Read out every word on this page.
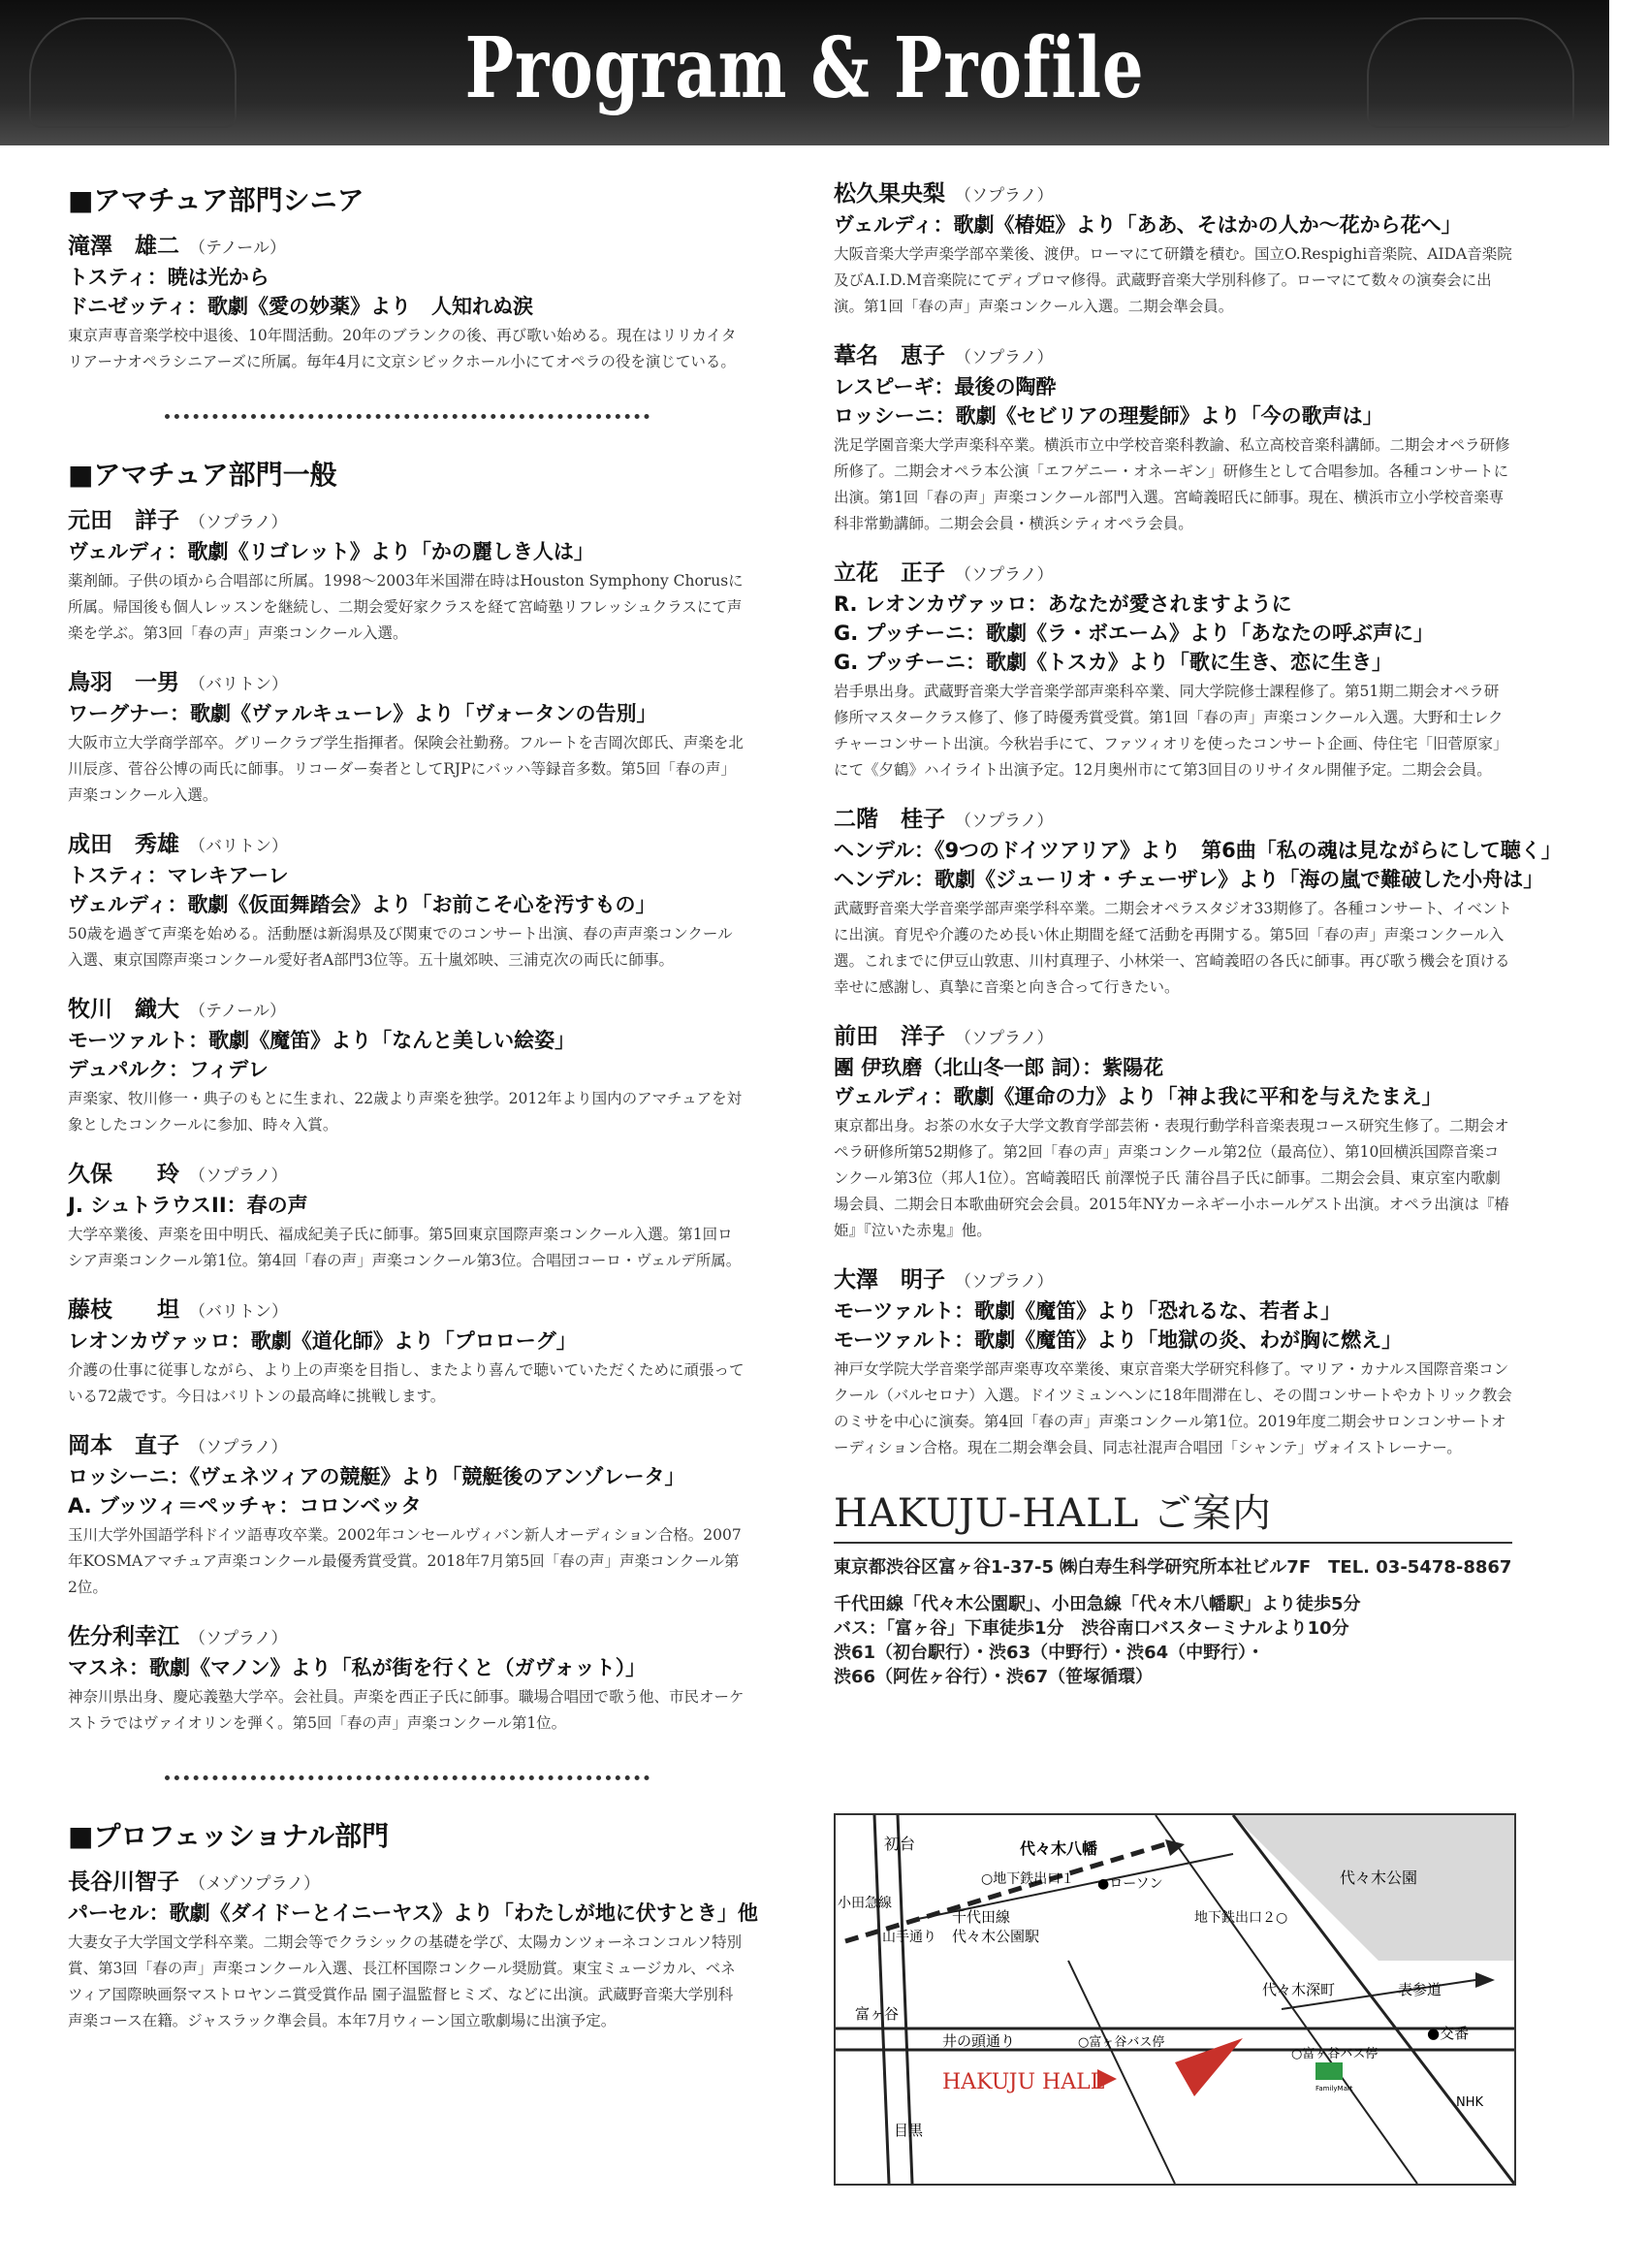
Program & Profile
■アマチュア部門シニア
滝澤　雄二 （テノール）
トスティ：暁は光から
ドニゼッティ：歌劇《愛の妙薬》より　人知れぬ涙
東京声専音楽学校中退後、10年間活動。20年のブランクの後、再び歌い始める。現在はリリカイタリアーナオペラシニアーズに所属。毎年4月に文京シビックホール小にてオペラの役を演じている。
■アマチュア部門一般
元田　詳子 （ソプラノ）
ヴェルディ：歌劇《リゴレット》より「かの麗しき人は」
薬剤師。子供の頃から合唱部に所属。1998～2003年米国滞在時はHouston Symphony Chorusに所属。帰国後も個人レッスンを継続し、二期会愛好家クラスを経て宮崎塾リフレッシュクラスにて声楽を学ぶ。第3回「春の声」声楽コンクール入選。
鳥羽　一男 （バリトン）
ワーグナー：歌劇《ヴァルキューレ》より「ヴォータンの告別」
大阪市立大学商学部卒。グリークラブ学生指揮者。保険会社勤務。フルートを吉岡次郎氏、声楽を北川辰彦、菅谷公博の両氏に師事。リコーダー奏者としてRJPにバッハ等録音多数。第5回「春の声」声楽コンクール入選。
成田　秀雄 （バリトン）
トスティ：マレキアーレ
ヴェルディ：歌劇《仮面舞踏会》より「お前こそ心を汚すもの」
50歳を過ぎて声楽を始める。活動歴は新潟県及び関東でのコンサート出演、春の声声楽コンクール入選、東京国際声楽コンクール愛好者A部門3位等。五十嵐郊映、三浦克次の両氏に師事。
牧川　織大 （テノール）
モーツァルト：歌劇《魔笛》より「なんと美しい絵姿」
デュパルク：フィデレ
声楽家、牧川修一・典子のもとに生まれ、22歳より声楽を独学。2012年より国内のアマチュアを対象としたコンクールに参加、時々入賞。
久保　　玲 （ソプラノ）
J. シュトラウスII：春の声
大学卒業後、声楽を田中明氏、福成紀美子氏に師事。第5回東京国際声楽コンクール入選。第1回ロシア声楽コンクール第1位。第4回「春の声」声楽コンクール第3位。合唱団コーロ・ヴェルデ所属。
藤枝　　坦 （バリトン）
レオンカヴァッロ：歌劇《道化師》より「プロローグ」
介護の仕事に従事しながら、より上の声楽を目指し、またより喜んで聴いていただくために頑張っている72歳です。今日はバリトンの最高峰に挑戦します。
岡本　直子 （ソプラノ）
ロッシーニ：《ヴェネツィアの競艇》より「競艇後のアンゾレータ」
A. ブッツィ＝ペッチャ：コロンベッタ
玉川大学外国語学科ドイツ語専攻卒業。2002年コンセールヴィバン新人オーディション合格。2007年KOSMAアマチュア声楽コンクール最優秀賞受賞。2018年7月第5回「春の声」声楽コンクール第2位。
佐分利幸江 （ソプラノ）
マスネ：歌劇《マノン》より「私が街を行くと（ガヴォット）」
神奈川県出身、慶応義塾大学卒。会社員。声楽を西正子氏に師事。職場合唱団で歌う他、市民オーケストラではヴァイオリンを弾く。第5回「春の声」声楽コンクール第1位。
■プロフェッショナル部門
長谷川智子 （メゾソプラノ）
パーセル：歌劇《ダイドーとイニーヤス》より「わたしが地に伏すとき」他
大妻女子大学国文学科卒業。二期会等でクラシックの基礎を学び、太陽カンツォーネコンコルソ特別賞、第3回「春の声」声楽コンクール入選、長江杯国際コンクール奨励賞。東宝ミュージカル、ベネツィア国際映画祭マストロヤンニ賞受賞作品 園子温監督ヒミズ、などに出演。武蔵野音楽大学別科声楽コース在籍。ジャスラック準会員。本年7月ウィーン国立歌劇場に出演予定。
松久果央梨 （ソプラノ）
ヴェルディ：歌劇《椿姫》より「ああ、そはかの人か～花から花へ」
大阪音楽大学声楽学部卒業後、渡伊。ローマにて研鑽を積む。国立O.Respighi音楽院、AIDA音楽院及びA.I.D.M音楽院にてディプロマ修得。武蔵野音楽大学別科修了。ローマにて数々の演奏会に出演。第1回「春の声」声楽コンクール入選。二期会準会員。
葦名　恵子 （ソプラノ）
レスピーギ：最後の陶酔
ロッシーニ：歌劇《セビリアの理髪師》より「今の歌声は」
洗足学園音楽大学声楽科卒業。横浜市立中学校音楽科教諭、私立高校音楽科講師。二期会オペラ研修所修了。二期会オペラ本公演「エフゲニー・オネーギン」研修生として合唱参加。各種コンサートに出演。第1回「春の声」声楽コンクール部門入選。宮崎義昭氏に師事。現在、横浜市立小学校音楽専科非常勤講師。二期会会員・横浜シティオペラ会員。
立花　正子 （ソプラノ）
R. レオンカヴァッロ：あなたが愛されますように
G. プッチーニ：歌劇《ラ・ボエーム》より「あなたの呼ぶ声に」
G. プッチーニ：歌劇《トスカ》より「歌に生き、恋に生き」
岩手県出身。武蔵野音楽大学音楽学部声楽科卒業、同大学院修士課程修了。第51期二期会オペラ研修所マスタークラス修了、修了時優秀賞受賞。第1回「春の声」声楽コンクール入選。大野和士レクチャーコンサート出演。今秋岩手にて、ファツィオリを使ったコンサート企画、侍住宅「旧菅原家」にて《夕鶴》ハイライト出演予定。12月奥州市にて第3回目のリサイタル開催予定。二期会会員。
二階　桂子 （ソプラノ）
ヘンデル：《9つのドイツアリア》より　第6曲「私の魂は見ながらにして聴く」
ヘンデル：歌劇《ジューリオ・チェーザレ》より「海の嵐で難破した小舟は」
武蔵野音楽大学音楽学部声楽学科卒業。二期会オペラスタジオ33期修了。各種コンサート、イベントに出演。育児や介護のため長い休止期間を経て活動を再開する。第5回「春の声」声楽コンクール入選。これまでに伊豆山敦恵、川村真理子、小林栄一、宮崎義昭の各氏に師事。再び歌う機会を頂ける幸せに感謝し、真摯に音楽と向き合って行きたい。
前田　洋子 （ソプラノ）
團 伊玖磨（北山冬一郎 詞）：紫陽花
ヴェルディ：歌劇《運命の力》より「神よ我に平和を与えたまえ」
東京都出身。お茶の水女子大学文教育学部芸術・表現行動学科音楽表現コース研究生修了。二期会オペラ研修所第52期修了。第2回「春の声」声楽コンクール第2位（最高位）、第10回横浜国際音楽コンクール第3位（邦人1位）。宮崎義昭氏 前澤悦子氏 蒲谷昌子氏に師事。二期会会員、東京室内歌劇場会員、二期会日本歌曲研究会会員。2015年NYカーネギー小ホールゲスト出演。オペラ出演は『椿姫』『泣いた赤鬼』他。
大澤　明子 （ソプラノ）
モーツァルト：歌劇《魔笛》より「恐れるな、若者よ」
モーツァルト：歌劇《魔笛》より「地獄の炎、わが胸に燃え」
神戸女学院大学音楽学部声楽専攻卒業後、東京音楽大学研究科修了。マリア・カナルス国際音楽コンクール（バルセロナ）入選。ドイツミュンヘンに18年間滞在し、その間コンサートやカトリック教会のミサを中心に演奏。第4回「春の声」声楽コンクール第1位。2019年度二期会サロンコンサートオーディション合格。現在二期会準会員、同志社混声合唱団「シャンテ」ヴォイストレーナー。
HAKUJU-HALL ご案内
東京都渋谷区富ヶ谷1-37-5 ㈱白寿生科学研究所本社ビル7F　TEL. 03-5478-8867
千代田線「代々木公園駅」、小田急線「代々木八幡駅」より徒歩5分
バス：「富ヶ谷」下車徒歩1分　渋谷南口バスターミナルより10分
渋61（初台駅行）・渋63（中野行）・渋64（中野行）・
渋66（阿佐ヶ谷行）・渋67（笹塚循環）
初台	代々木八幡
小田急線
山手通り
○地下鉄出口１ ●ローソン	代々木公園
地下鉄出口２○
千代田線
代々木公園駅
富ヶ谷
代々木深町	表参道
●交番
井の頭通り	○富ヶ谷バス停
○富ヶ谷バス停
NHK
HAKUJU HALL
目黒
FamilyMart
